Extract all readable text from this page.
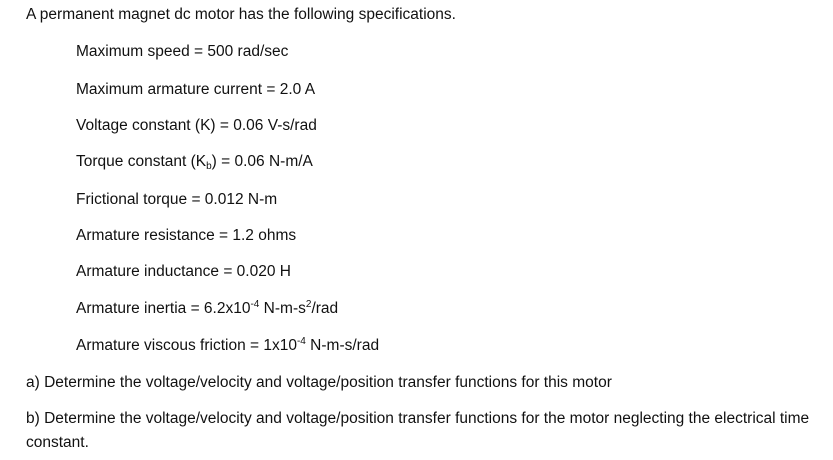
A permanent magnet dc motor has the following specifications.
Maximum speed = 500 rad/sec
Maximum armature current = 2.0 A
Voltage constant (K) = 0.06 V-s/rad
Torque constant $(K_b) = 0.06$ N-m/A
Frictional torque = 0.012 N-m
Armature resistance = 1.2 ohms
Armature inductance = 0.020 H
Armature inertia = $6.2x10^{-4}$ $N-m-s^2$/rad
Armature viscous friction = $1x10^{-4}$ N-m-s/rad
a) Determine the voltage/velocity and voltage/position transfer functions for this motor
b) Determine the voltage/velocity and voltage/position transfer functions for the motor neglecting the electrical time constant.
